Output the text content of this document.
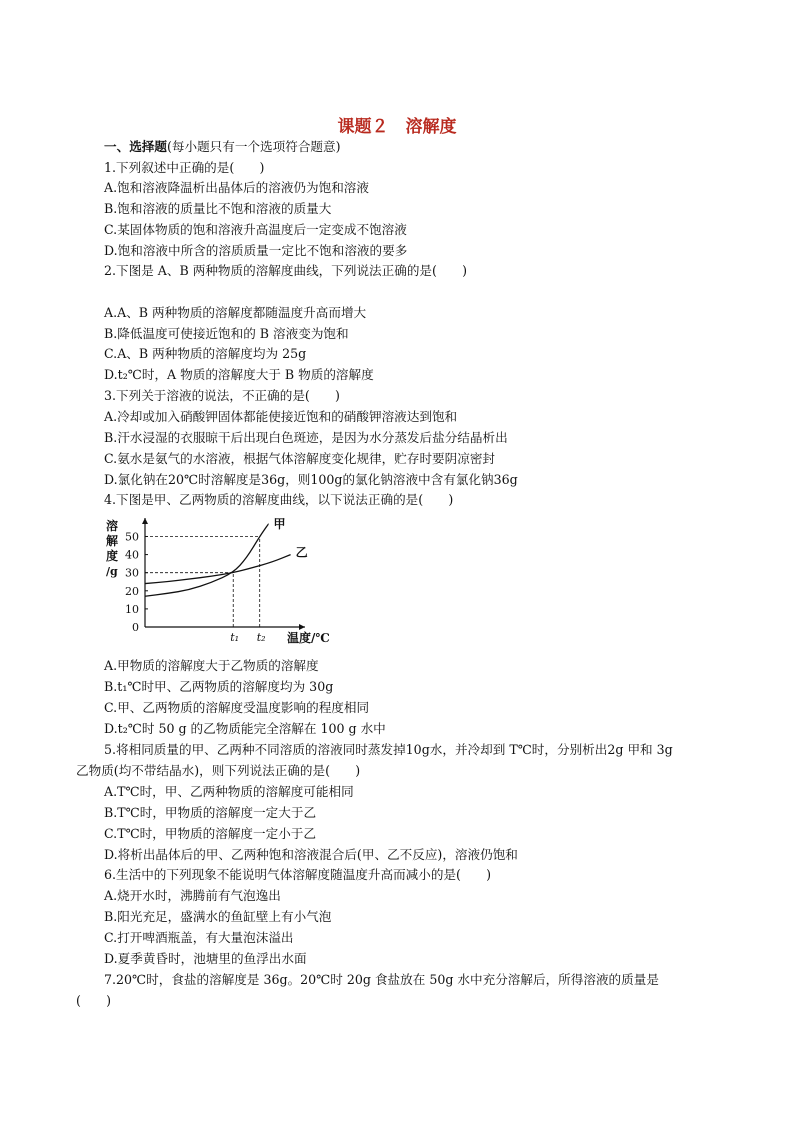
课题２　溶解度
一、选择题(每小题只有一个选项符合题意)
1.下列叙述中正确的是(　　)
A.饱和溶液降温析出晶体后的溶液仍为饱和溶液
B.饱和溶液的质量比不饱和溶液的质量大
C.某固体物质的饱和溶液升高温度后一定变成不饱溶液
D.饱和溶液中所含的溶质质量一定比不饱和溶液的要多
2.下图是 A、B 两种物质的溶解度曲线，下列说法正确的是(　　)
A.A、B 两种物质的溶解度都随温度升高而增大
B.降低温度可使接近饱和的 B 溶液变为饱和
C.A、B 两种物质的溶解度均为 25g
D.t₂℃时，A 物质的溶解度大于 B 物质的溶解度
3.下列关于溶液的说法，不正确的是(　　)
A.冷却或加入硝酸钾固体都能使接近饱和的硝酸钾溶液达到饱和
B.汗水浸湿的衣服晾干后出现白色斑迹，是因为水分蒸发后盐分结晶析出
C.氨水是氨气的水溶液，根据气体溶解度变化规律，贮存时要阴凉密封
D.氯化钠在20℃时溶解度是36g，则100g的氯化钠溶液中含有氯化钠36g
4.下图是甲、乙两物质的溶解度曲线，以下说法正确的是(　　)
溶
解
度
/g
0
10
20
30
40
50
t₁ t₂ 温度/℃
甲
乙
A.甲物质的溶解度大于乙物质的溶解度
B.t₁℃时甲、乙两物质的溶解度均为 30g
C.甲、乙两物质的溶解度受温度影响的程度相同
D.t₂℃时 50 g 的乙物质能完全溶解在 100 g 水中
5.将相同质量的甲、乙两种不同溶质的溶液同时蒸发掉10g水，并冷却到 T℃时，分别析出2g 甲和 3g
乙物质(均不带结晶水)，则下列说法正确的是(　　)
A.T℃时，甲、乙两种物质的溶解度可能相同
B.T℃时，甲物质的溶解度一定大于乙
C.T℃时，甲物质的溶解度一定小于乙
D.将析出晶体后的甲、乙两种饱和溶液混合后(甲、乙不反应)，溶液仍饱和
6.生活中的下列现象不能说明气体溶解度随温度升高而减小的是(　　)
A.烧开水时，沸腾前有气泡逸出
B.阳光充足，盛满水的鱼缸壁上有小气泡
C.打开啤酒瓶盖，有大量泡沫溢出
D.夏季黄昏时，池塘里的鱼浮出水面
7.20℃时，食盐的溶解度是 36g。20℃时 20g 食盐放在 50g 水中充分溶解后，所得溶液的质量是
(　　)
